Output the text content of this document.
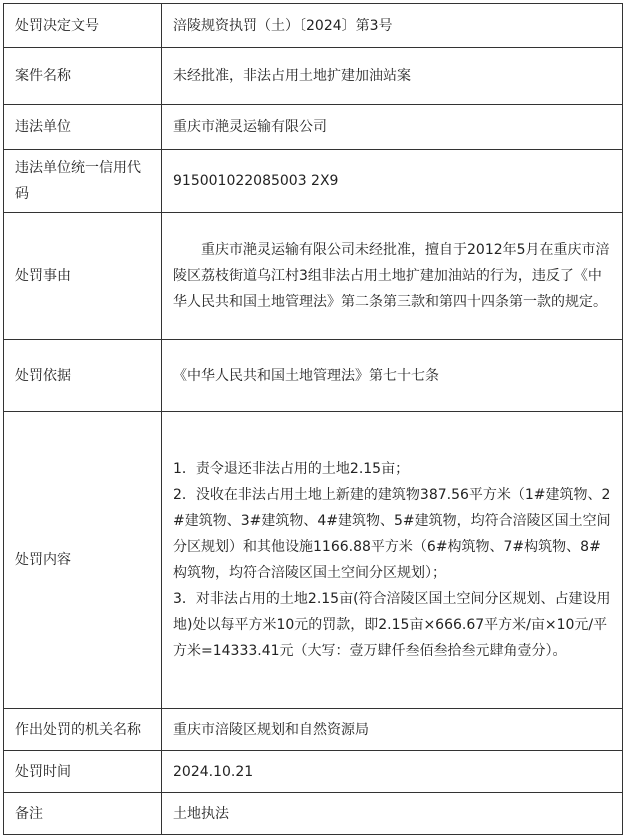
处罚决定文号	涪陵规资执罚（土）〔2024〕第3号
案件名称	未经批准，非法占用土地扩建加油站案
违法单位	重庆市滟灵运输有限公司
违法单位统一信用代码	915001022085003 2X9
处罚事由	重庆市滟灵运输有限公司未经批准，擅自于2012年5月在重庆市涪陵区荔枝街道乌江村3组非法占用土地扩建加油站的行为，违反了《中华人民共和国土地管理法》第二条第三款和第四十四条第一款的规定。

处罚依据	《中华人民共和国土地管理法》第七十七条
处罚内容	1．责令退还非法占用的土地2.15亩；
2．没收在非法占用土地上新建的建筑物387.56平方米（1#建筑物、2#建筑物、3#建筑物、4#建筑物、5#建筑物，均符合涪陵区国土空间分区规划）和其他设施1166.88平方米（6#构筑物、7#构筑物、8#构筑物，均符合涪陵区国土空间分区规划）；
3．对非法占用的土地2.15亩(符合涪陵区国土空间分区规划、占建设用地)处以每平方米10元的罚款，即2.15亩×666.67平方米/亩×10元/平方米=14333.41元（大写：壹万肆仟叁佰叁拾叁元肆角壹分）。

作出处罚的机关名称	重庆市涪陵区规划和自然资源局
处罚时间	2024.10.21
备注	土地执法
